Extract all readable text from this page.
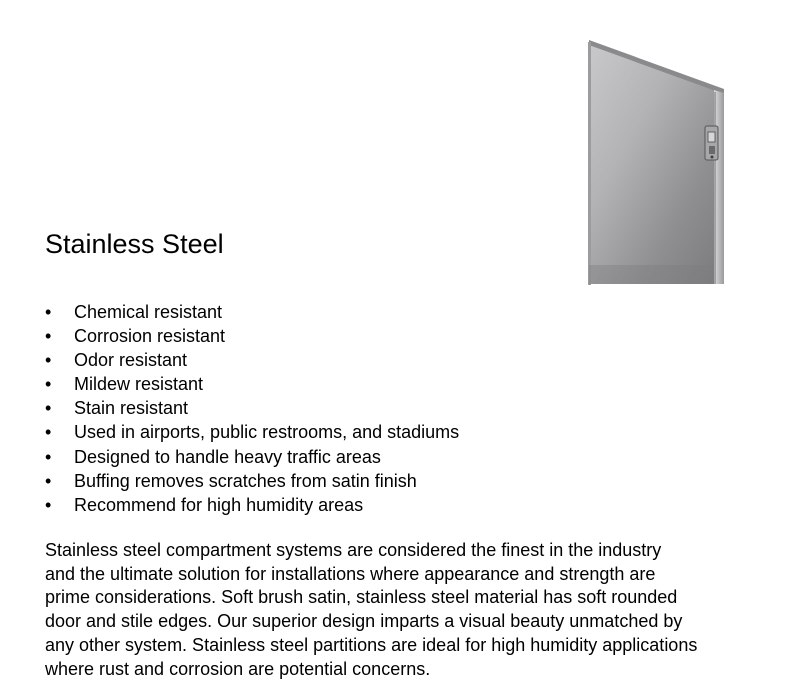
Stainless Steel
• Chemical resistant
• Corrosion resistant
• Odor resistant
• Mildew resistant
• Stain resistant
• Used in airports, public restrooms, and stadiums
• Designed to handle heavy traffic areas
• Buffing removes scratches from satin finish
• Recommend for high humidity areas

Stainless steel compartment systems are considered the finest in the industry
and the ultimate solution for installations where appearance and strength are
prime considerations. Soft brush satin, stainless steel material has soft rounded
door and stile edges. Our superior design imparts a visual beauty unmatched by
any other system. Stainless steel partitions are ideal for high humidity applications
where rust and corrosion are potential concerns.
